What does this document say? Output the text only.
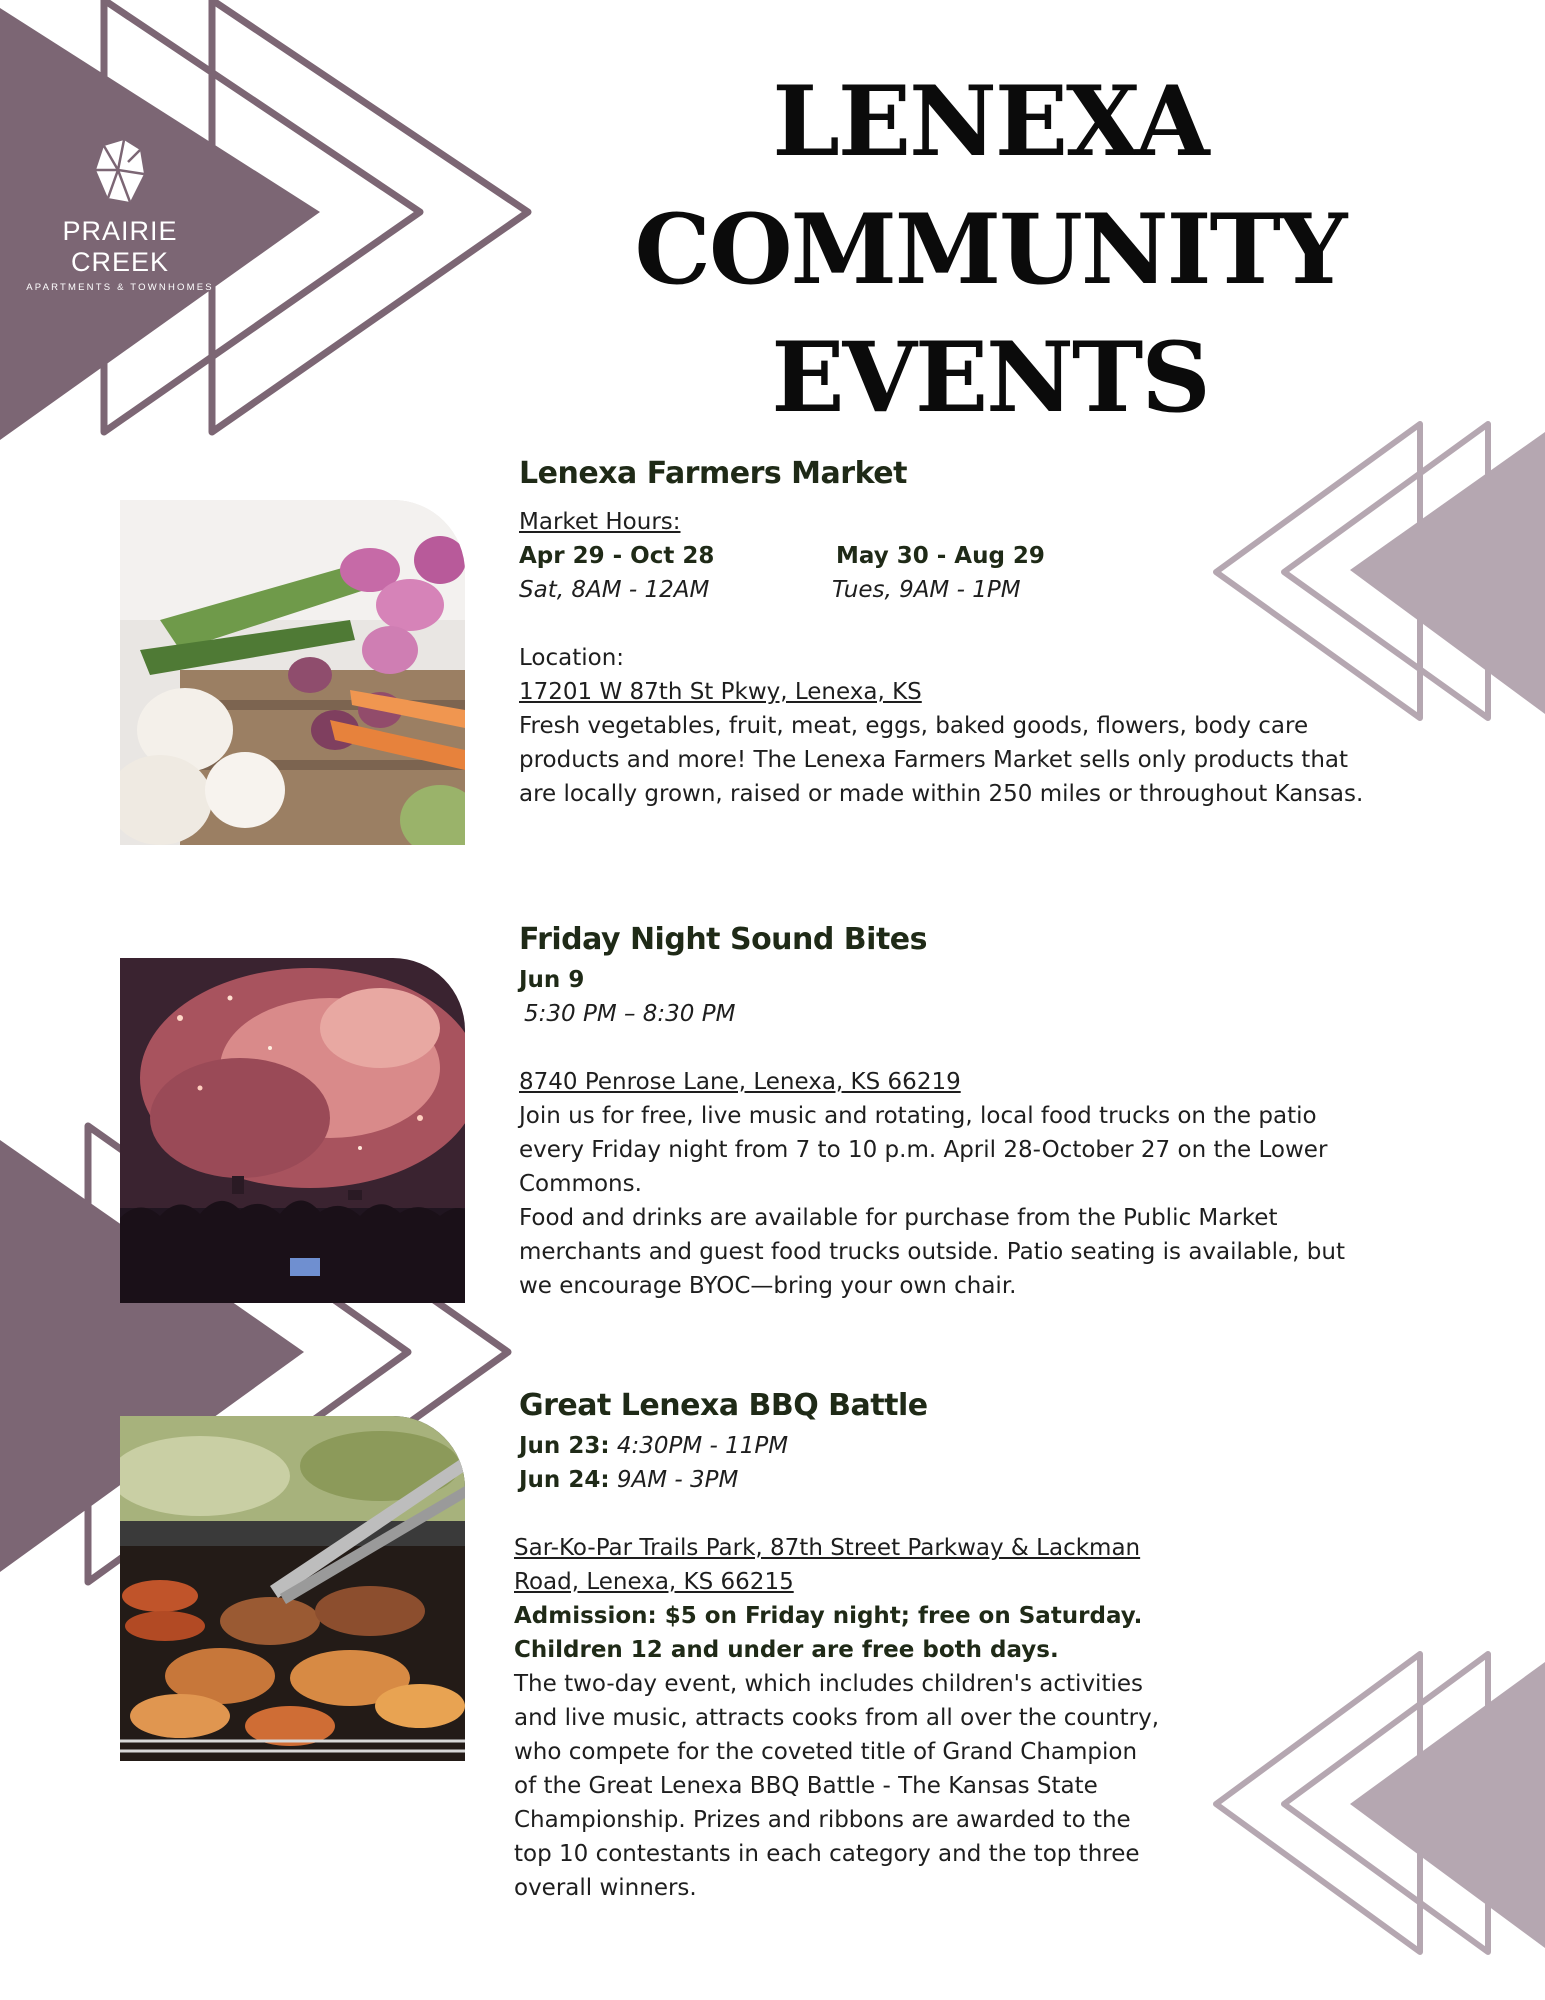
PRAIRIE CREEK
APARTMENTS & TOWNHOMES
LENEXA COMMUNITY
EVENTS
Lenexa Farmers Market
Market Hours:
Apr 29 - Oct 28	May 30 - Aug 29
Sat, 8AM - 12AM	Tues, 9AM - 1PM
Location:
17201 W 87th St Pkwy, Lenexa, KS
Fresh vegetables, fruit, meat, eggs, baked goods, flowers, body care
products and more! The Lenexa Farmers Market sells only products that
are locally grown, raised or made within 250 miles or throughout Kansas.
Friday Night Sound Bites
Jun 9
5:30 PM – 8:30 PM
8740 Penrose Lane, Lenexa, KS 66219
Join us for free, live music and rotating, local food trucks on the patio
every Friday night from 7 to 10 p.m. April 28-October 27 on the Lower
Commons.
Food and drinks are available for purchase from the Public Market
merchants and guest food trucks outside. Patio seating is available, but
we encourage BYOC—bring your own chair.
Great Lenexa BBQ Battle
Jun 23: 4:30PM - 11PM
Jun 24: 9AM - 3PM
Sar-Ko-Par Trails Park, 87th Street Parkway & Lackman
Road, Lenexa, KS 66215
Admission: $5 on Friday night; free on Saturday.
Children 12 and under are free both days.
The two-day event, which includes children's activities
and live music, attracts cooks from all over the country,
who compete for the coveted title of Grand Champion
of the Great Lenexa BBQ Battle - The Kansas State
Championship. Prizes and ribbons are awarded to the
top 10 contestants in each category and the top three
overall winners.
